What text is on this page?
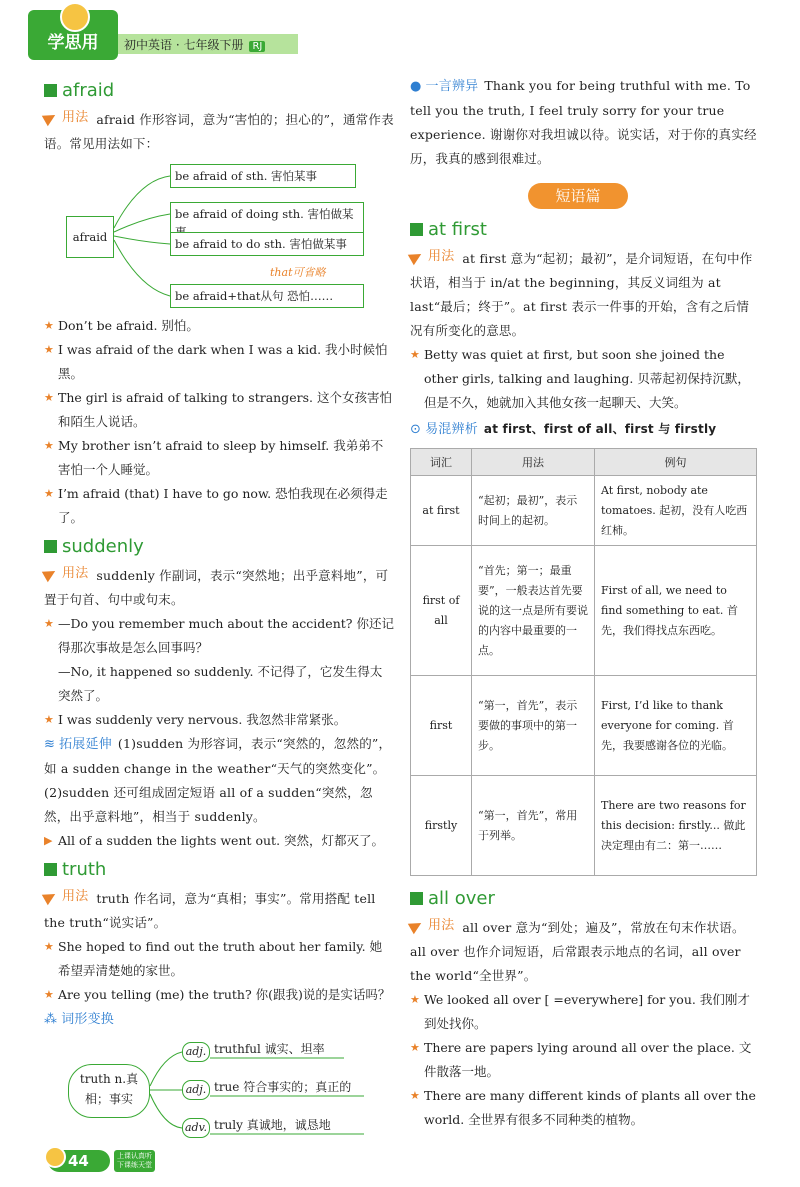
学思用	初中英语 · 七年级下册 RJ
afraid

用法 afraid 作形容词，意为“害怕的；担心的”，通常作表语。常见用法如下：

afraid
be afraid of sth. 害怕某事
be afraid of doing sth. 害怕做某
be afraid to do sth. 害怕做某事
be afraid+that从句 恐怕……
that可省略

★ Don’t be afraid. 别怕。

★ I was afraid of the dark when I was a kid. 我小时候怕黑。

★ The girl is afraid of talking to strangers. 这个女孩害怕和陌生人说话。

★ My brother isn’t afraid to sleep by himself. 我弟弟不害怕一个人睡觉。

★ I’m afraid (that) I have to go now. 恐怕我现在必须得走了。

suddenly

用法 suddenly 作副词，表示“突然地；出乎意料地”，可置于句首、句中或句末。

★ —Do you remember much about the accident? 你还记得那次事故是怎么回事吗？

—No, it happened so suddenly. 不记得了，它发生得太突然了。

★ I was suddenly very nervous. 我忽然非常紧张。

≋ 拓展延伸 (1)sudden 为形容词，表示“突然的，忽然的”，如 a sudden change in the weather“天气的突然变化”。

(2)sudden 还可组成固定短语 all of a sudden“突然，忽然，出乎意料地”，相当于 suddenly。

▶ All of a sudden the lights went out. 突然，灯都灭了。

truth

用法 truth 作名词，意为“真相；事实”。常用搭配 tell the truth“说实话”。

★ She hoped to find out the truth about her family. 她希望弄清楚她的家世。

★ Are you telling (me) the truth? 你(跟我)说的是实话吗？

⁂ 词形变换

truth n.真相；事实
adj. truthful 诚实、坦率
adj. true 符合事实的；真正的
adv. truly 真诚地，诚恳地

● 一言辨异 Thank you for being truthful with me. To tell you the truth, I feel truly sorry for your true experience. 谢谢你对我坦诚以待。说实话，对于你的真实经历，我真的感到很难过。

短语篇
at first

用法 at first 意为“起初；最初”，是介词短语，在句中作状语，相当于 in/at the beginning，其反义词组为 at last“最后；终于”。at first 表示一件事的开始，含有之后情况有所变化的意思。

★ Betty was quiet at first, but soon she joined the other girls, talking and laughing. 贝蒂起初保持沉默，但是不久，她就加入其他女孩一起聊天、大笑。

⊙ 易混辨析 at first、first of all、first 与 firstly

词汇	用法	例句
at first	“起初；最初”，表示时间上的起初。	At first, nobody ate tomatoes. 起初，没有人吃西红柿。
first of all	“首先；第一；最重要”，一般表达首先要说的这一点是所有要说的内容中最重要的一点。	First of all, we need to find something to eat. 首先，我们得找点东西吃。
first	“第一，首先”，表示要做的事项中的第一步。	First, I’d like to thank everyone for coming. 首先，我要感谢各位的光临。
firstly	“第一，首先”，常用于列举。	There are two reasons for this decision: firstly... 做此决定理由有二：第一……
all over

用法 all over 意为“到处；遍及”，常放在句末作状语。all over 也作介词短语，后常跟表示地点的名词，all over the world“全世界”。

★ We looked all over [ =everywhere] for you. 我们刚才到处找你。

★ There are papers lying around all over the place. 文件散落一地。

★ There are many different kinds of plants all over the world. 全世界有很多不同种类的植物。

44	上课认真听
下课练天堂
